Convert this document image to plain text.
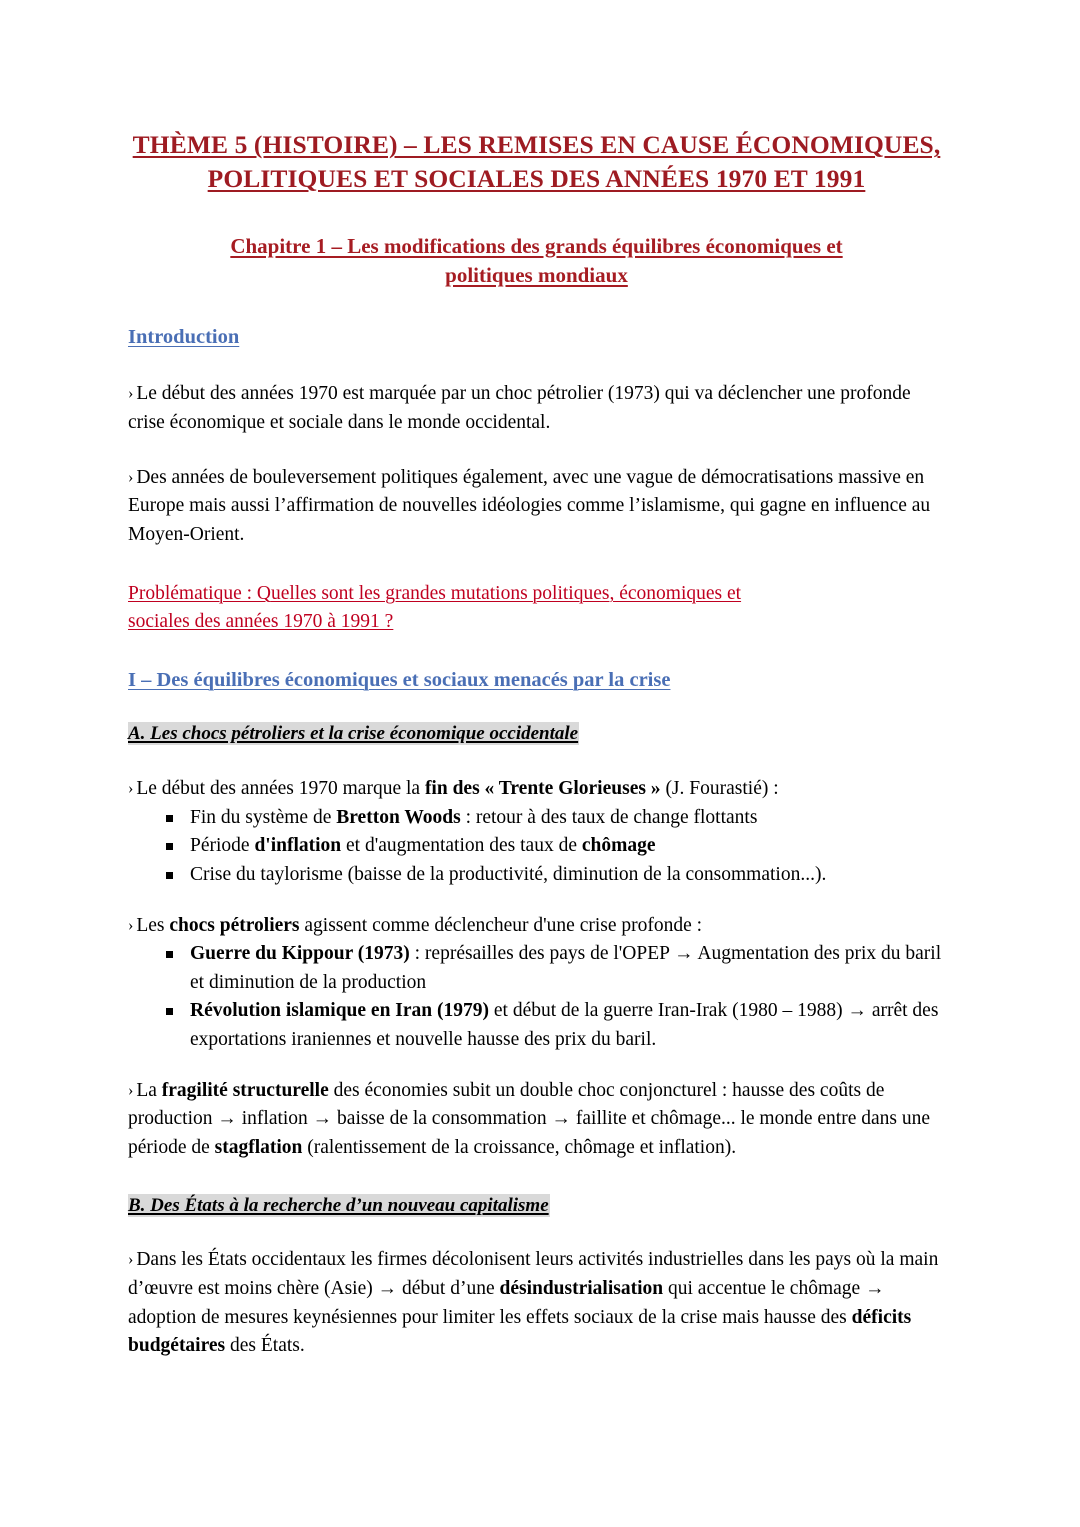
THÈME 5 (HISTOIRE) – LES REMISES EN CAUSE ÉCONOMIQUES,
POLITIQUES ET SOCIALES DES ANNÉES 1970 ET 1991
Chapitre 1 – Les modifications des grands équilibres économiques et
politiques mondiaux
Introduction

› Le début des années 1970 est marquée par un choc pétrolier (1973) qui va déclencher une profonde crise économique et sociale dans le monde occidental.

› Des années de bouleversement politiques également, avec une vague de démocratisations massive en Europe mais aussi l’affirmation de nouvelles idéologies comme l’islamisme, qui gagne en influence au Moyen-Orient.

Problématique : Quelles sont les grandes mutations politiques, économiques et
sociales des années 1970 à 1991 ?

I – Des équilibres économiques et sociaux menacés par la crise
A. Les chocs pétroliers et la crise économique occidentale

› Le début des années 1970 marque la fin des « Trente Glorieuses » (J. Fourastié) :

Fin du système de Bretton Woods : retour à des taux de change flottants
Période d'inflation et d'augmentation des taux de chômage
Crise du taylorisme (baisse de la productivité, diminution de la consommation...).

› Les chocs pétroliers agissent comme déclencheur d'une crise profonde :

Guerre du Kippour (1973) : représailles des pays de l'OPEP → Augmentation des prix du baril et diminution de la production
Révolution islamique en Iran (1979) et début de la guerre Iran-Irak (1980 – 1988) → arrêt des exportations iraniennes et nouvelle hausse des prix du baril.

› La fragilité structurelle des économies subit un double choc conjoncturel : hausse des coûts de production → inflation → baisse de la consommation → faillite et chômage... le monde entre dans une période de stagflation (ralentissement de la croissance, chômage et inflation).

B. Des États à la recherche d’un nouveau capitalisme

› Dans les États occidentaux les firmes décolonisent leurs activités industrielles dans les pays où la main d’œuvre est moins chère (Asie) → début d’une désindustrialisation qui accentue le chômage → adoption de mesures keynésiennes pour limiter les effets sociaux de la crise mais hausse des déficits budgétaires des États.
